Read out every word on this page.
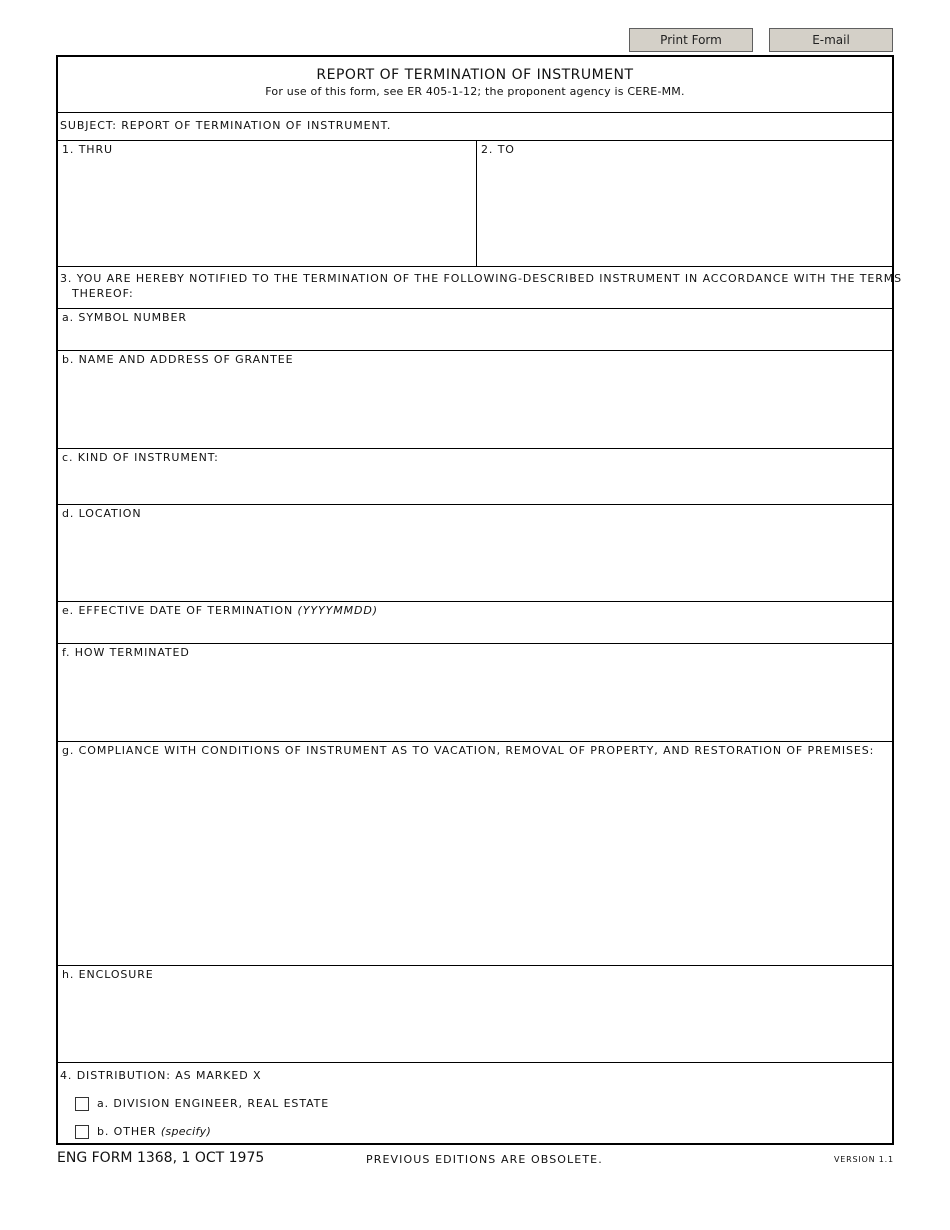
Print Form	E-mail
REPORT OF TERMINATION OF INSTRUMENT
For use of this form, see ER 405-1-12; the proponent agency is CERE-MM.
SUBJECT: REPORT OF TERMINATION OF INSTRUMENT.
1. THRU	2. TO
3. YOU ARE HEREBY NOTIFIED TO THE TERMINATION OF THE FOLLOWING-DESCRIBED INSTRUMENT IN ACCORDANCE WITH THE TERMS
THEREOF:
a. SYMBOL NUMBER
b. NAME AND ADDRESS OF GRANTEE
c. KIND OF INSTRUMENT:
d. LOCATION
e. EFFECTIVE DATE OF TERMINATION (YYYYMMDD)
f. HOW TERMINATED
g. COMPLIANCE WITH CONDITIONS OF INSTRUMENT AS TO VACATION, REMOVAL OF PROPERTY, AND RESTORATION OF PREMISES:
h. ENCLOSURE
4. DISTRIBUTION: AS MARKED X
a. DIVISION ENGINEER, REAL ESTATE
b. OTHER (specify)
ENG FORM 1368, 1 OCT 1975	PREVIOUS EDITIONS ARE OBSOLETE.	VERSION 1.1
